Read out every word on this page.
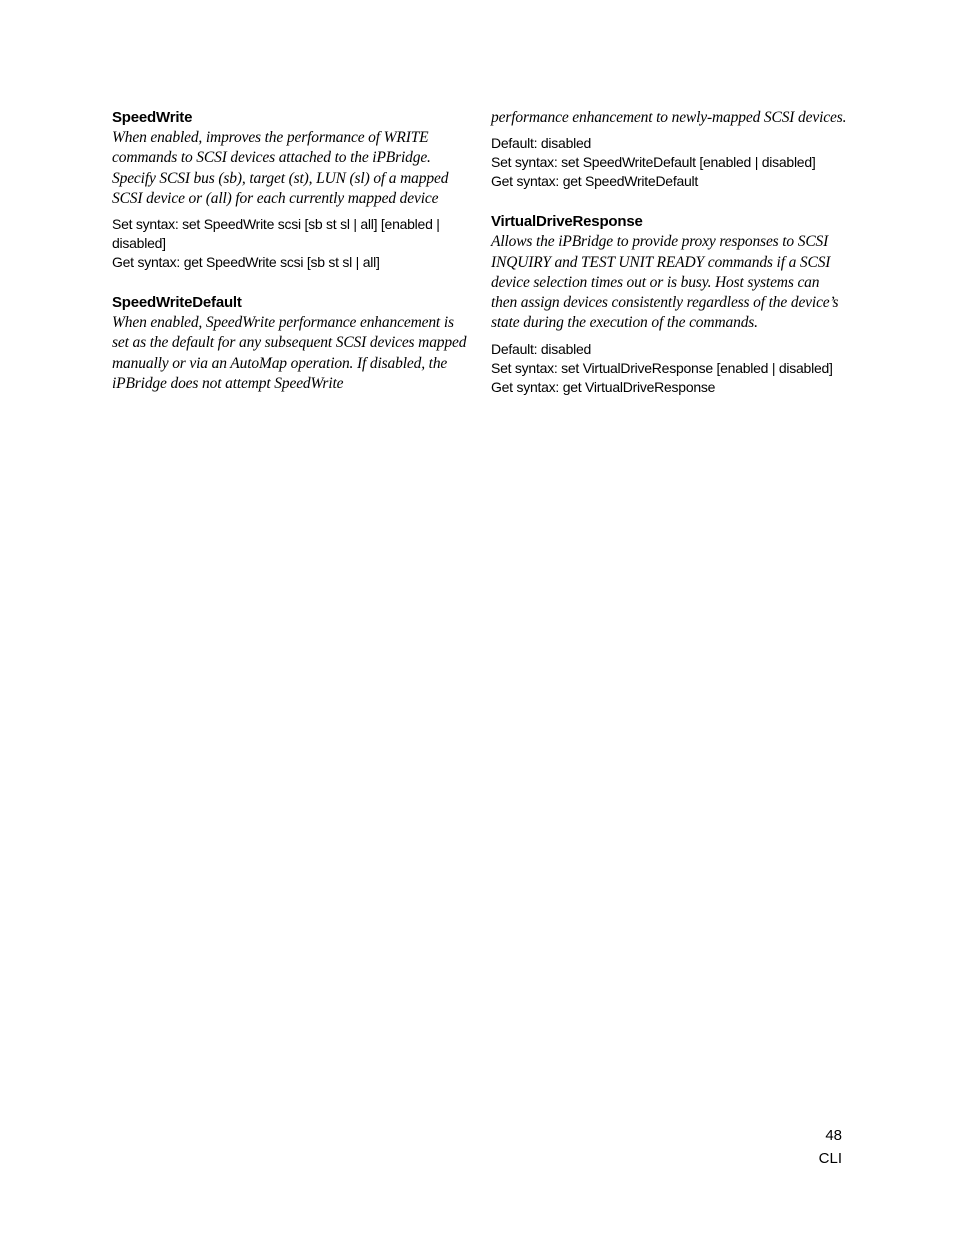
SpeedWrite

When enabled, improves the performance of WRITE commands to SCSI devices attached to the iPBridge. Specify SCSI bus (sb), target (st), LUN (sl) of a mapped SCSI device or (all) for each currently mapped device

Set syntax: set SpeedWrite scsi [sb st sl | all] [enabled | disabled]
Get syntax: get SpeedWrite scsi [sb st sl | all]

SpeedWriteDefault

When enabled, SpeedWrite performance enhancement is set as the default for any subsequent SCSI devices mapped manually or via an AutoMap operation. If disabled, the iPBridge does not attempt SpeedWrite

performance enhancement to newly-mapped SCSI devices.

Default: disabled
Set syntax: set SpeedWriteDefault [enabled | disabled]
Get syntax: get SpeedWriteDefault

VirtualDriveResponse

Allows the iPBridge to provide proxy responses to SCSI INQUIRY and TEST UNIT READY commands if a SCSI device selection times out or is busy. Host systems can then assign devices consistently regardless of the device’s state during the execution of the commands.

Default: disabled
Set syntax: set VirtualDriveResponse [enabled | disabled]
Get syntax: get VirtualDriveResponse

48
CLI
